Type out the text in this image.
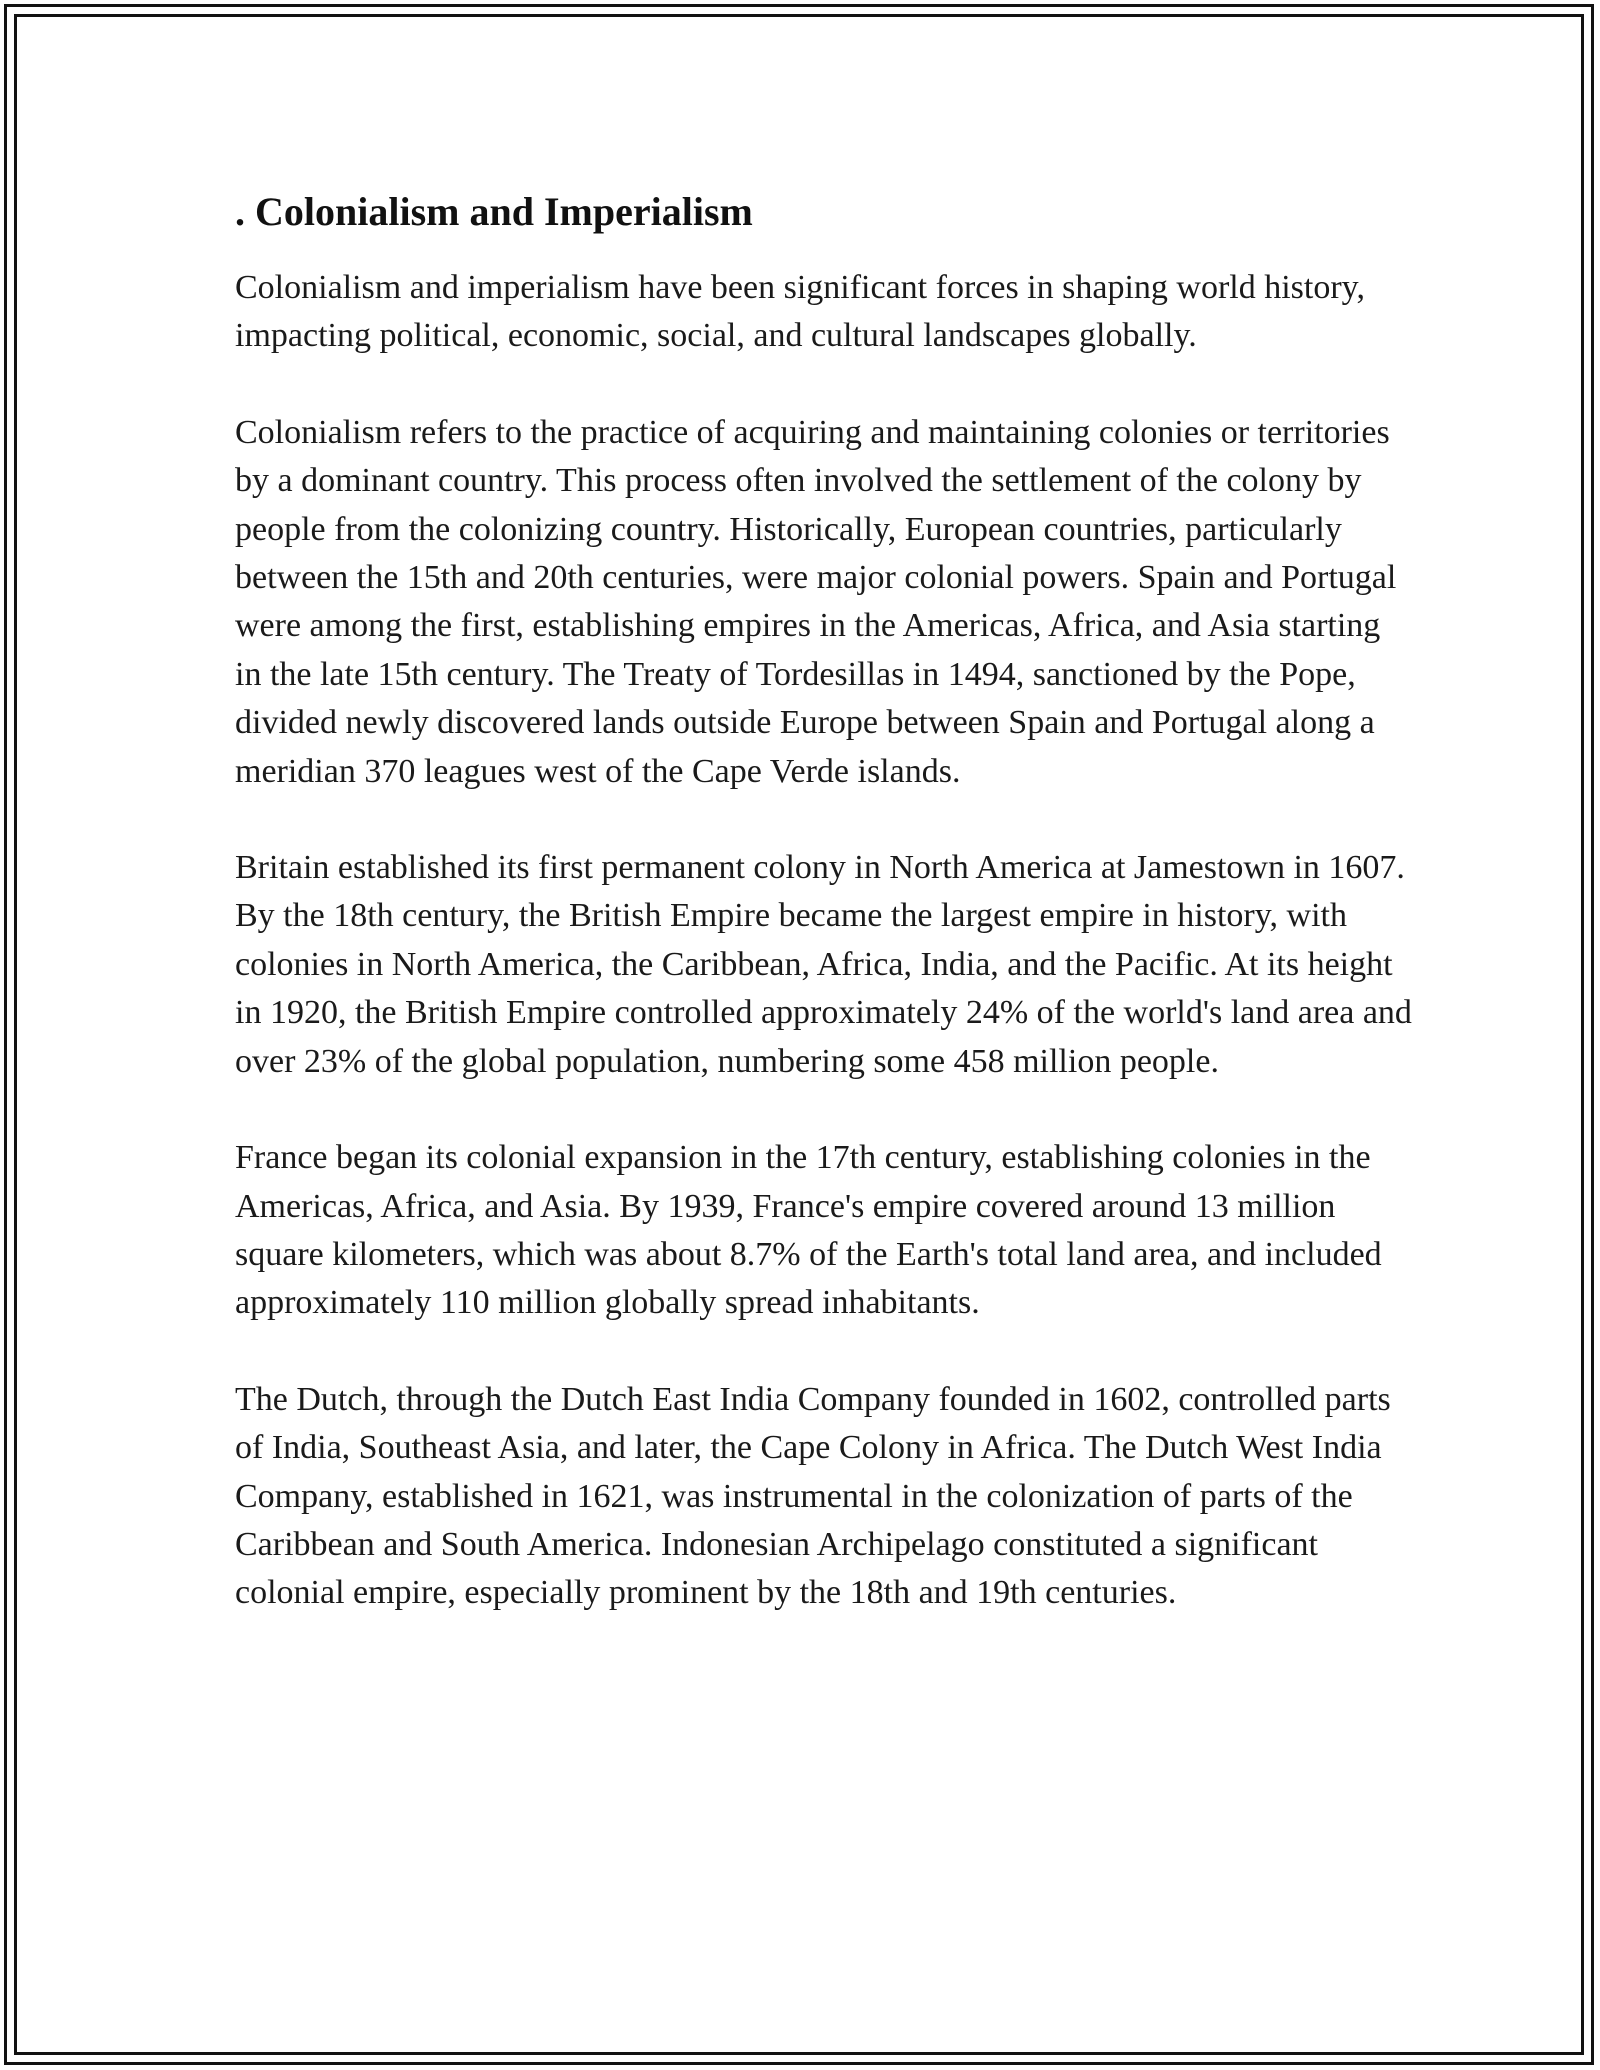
. Colonialism and Imperialism

Colonialism and imperialism have been significant forces in shaping world history, impacting political, economic, social, and cultural landscapes globally.

Colonialism refers to the practice of acquiring and maintaining colonies or territories by a dominant country. This process often involved the settlement of the colony by people from the colonizing country. Historically, European countries, particularly between the 15th and 20th centuries, were major colonial powers. Spain and Portugal were among the first, establishing empires in the Americas, Africa, and Asia starting in the late 15th century. The Treaty of Tordesillas in 1494, sanctioned by the Pope, divided newly discovered lands outside Europe between Spain and Portugal along a meridian 370 leagues west of the Cape Verde islands.

Britain established its first permanent colony in North America at Jamestown in 1607. By the 18th century, the British Empire became the largest empire in history, with colonies in North America, the Caribbean, Africa, India, and the Pacific. At its height in 1920, the British Empire controlled approximately 24% of the world's land area and over 23% of the global population, numbering some 458 million people.

France began its colonial expansion in the 17th century, establishing colonies in the Americas, Africa, and Asia. By 1939, France's empire covered around 13 million square kilometers, which was about 8.7% of the Earth's total land area, and included approximately 110 million globally spread inhabitants.

The Dutch, through the Dutch East India Company founded in 1602, controlled parts of India, Southeast Asia, and later, the Cape Colony in Africa. The Dutch West India Company, established in 1621, was instrumental in the colonization of parts of the Caribbean and South America. Indonesian Archipelago constituted a significant colonial empire, especially prominent by the 18th and 19th centuries.
